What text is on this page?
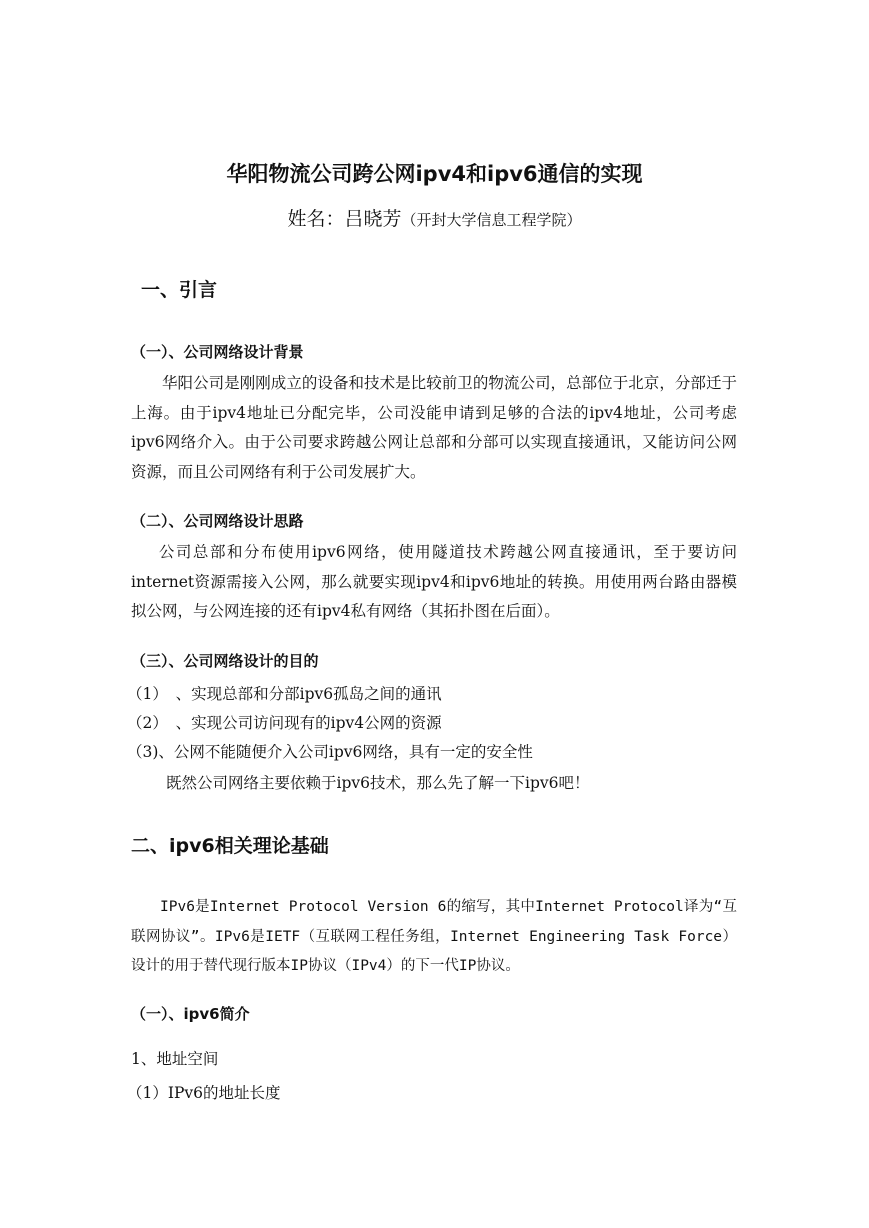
华阳物流公司跨公网ipv4和ipv6通信的实现
姓名：吕晓芳（开封大学信息工程学院）
一、引言
（一）、公司网络设计背景

华阳公司是刚刚成立的设备和技术是比较前卫的物流公司，总部位于北京，分部迁于上海。由于ipv4地址已分配完毕，公司没能申请到足够的合法的ipv4地址，公司考虑ipv6网络介入。由于公司要求跨越公网让总部和分部可以实现直接通讯，又能访问公网资源，而且公司网络有利于公司发展扩大。

（二）、公司网络设计思路

公司总部和分布使用ipv6网络，使用隧道技术跨越公网直接通讯，至于要访问internet资源需接入公网，那么就要实现ipv4和ipv6地址的转换。用使用两台路由器模拟公网，与公网连接的还有ipv4私有网络（其拓扑图在后面）。

（三）、公司网络设计的目的
（1）　、实现总部和分部ipv6孤岛之间的通讯
（2）　、实现公司访问现有的ipv4公网的资源
（3)、公网不能随便介入公司ipv6网络，具有一定的安全性
既然公司网络主要依赖于ipv6技术，那么先了解一下ipv6吧！
二、ipv6相关理论基础

IPv6是Internet Protocol Version 6的缩写，其中Internet Protocol译为“互联网协议”。IPv6是IETF（互联网工程任务组，Internet Engineering Task Force）设计的用于替代现行版本IP协议（IPv4）的下一代IP协议。

（一）、ipv6简介
1、地址空间
（1）IPv6的地址长度
